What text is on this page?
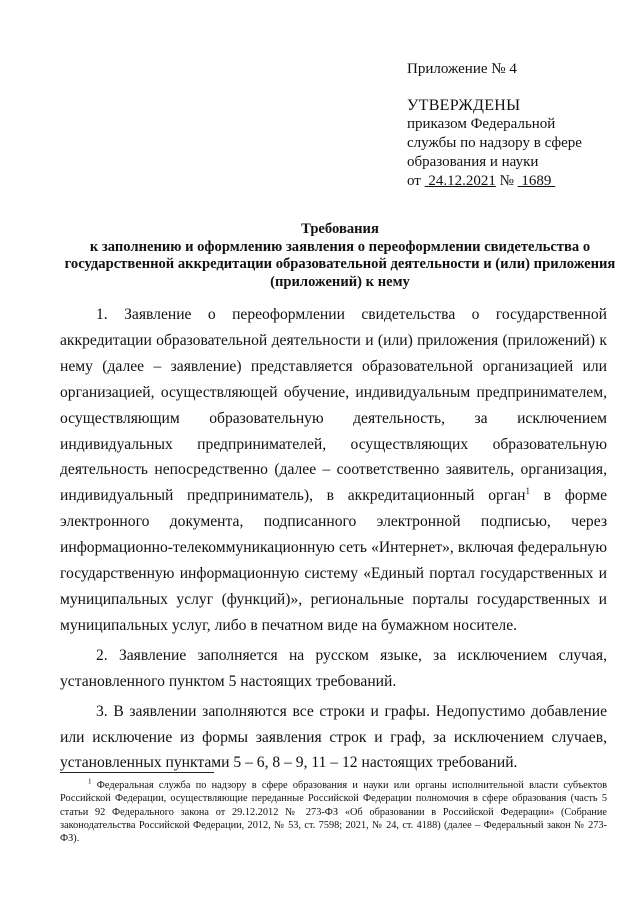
Приложение № 4
УТВЕРЖДЕНЫ
приказом Федеральной
службы по надзору в сфере
образования и науки
от 24.12.2021 № 1689
Требования
к заполнению и оформлению заявления о переоформлении свидетельства о государственной аккредитации образовательной деятельности и (или) приложения (приложений) к нему

1. Заявление о переоформлении свидетельства о государственной аккредитации образовательной деятельности и (или) приложения (приложений) к нему (далее – заявление) представляется образовательной организацией или организацией, осуществляющей обучение, индивидуальным предпринимателем, осуществляющим образовательную деятельность, за исключением индивидуальных предпринимателей, осуществляющих образовательную деятельность непосредственно (далее – соответственно заявитель, организация, индивидуальный предприниматель), в аккредитационный орган$^1$ в форме электронного документа, подписанного электронной подписью, через информационно-телекоммуникационную сеть «Интернет», включая федеральную государственную информационную систему «Единый портал государственных и муниципальных услуг (функций)», региональные порталы государственных и муниципальных услуг, либо в печатном виде на бумажном носителе.

2. Заявление заполняется на русском языке, за исключением случая, установленного пунктом 5 настоящих требований.

3. В заявлении заполняются все строки и графы. Недопустимо добавление или исключение из формы заявления строк и граф, за исключением случаев, установленных пунктами 5 – 6, 8 – 9, 11 – 12 настоящих требований.

$^1$ Федеральная служба по надзору в сфере образования и науки или органы исполнительной власти субъектов Российской Федерации, осуществляющие переданные Российской Федерации полномочия в сфере образования (часть 5 статьи 92 Федерального закона от 29.12.2012 № 273-ФЗ «Об образовании в Российской Федерации» (Собрание законодательства Российской Федерации, 2012, № 53, ст. 7598; 2021, № 24, ст. 4188) (далее – Федеральный закон № 273-ФЗ).
